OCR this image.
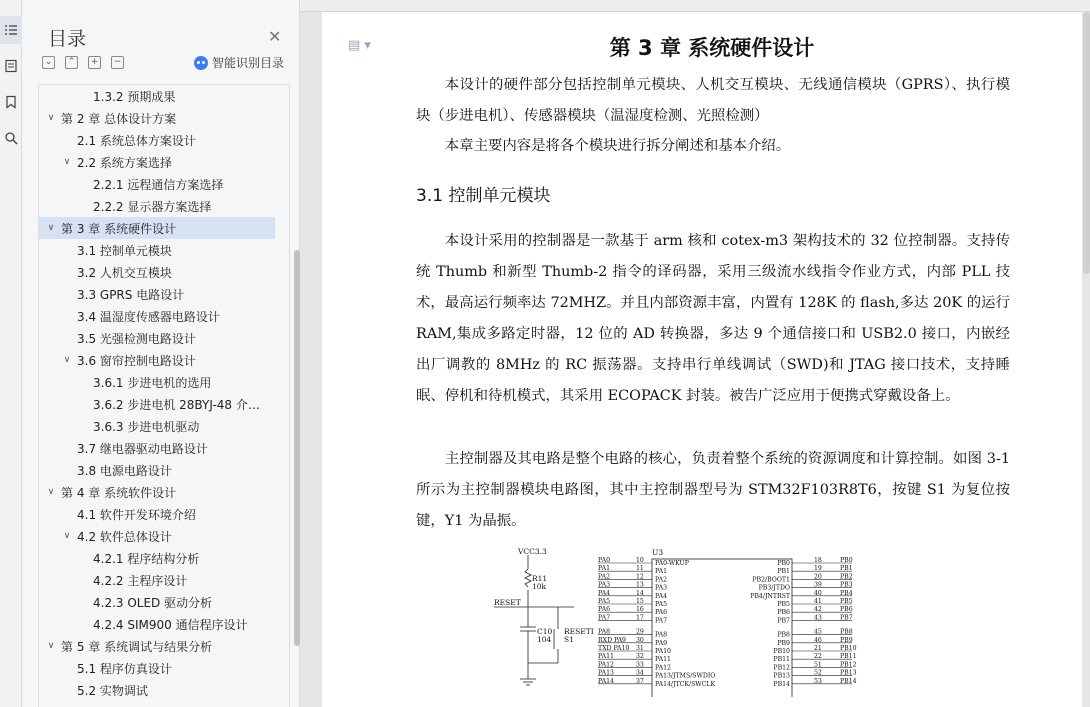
目录	✕
⌄	⌃	+	−	智能识别目录
1.3.2 预期成果
∨ 第 2 章 总体设计方案
2.1 系统总体方案设计
∨ 2.2 系统方案选择
2.2.1 远程通信方案选择
2.2.2 显示器方案选择
∨ 第 3 章 系统硬件设计
3.1 控制单元模块
3.2 人机交互模块
3.3 GPRS 电路设计
3.4 温湿度传感器电路设计
3.5 光强检测电路设计
∨ 3.6 窗帘控制电路设计
3.6.1 步进电机的选用
3.6.2 步进电机 28BYJ-48 介…
3.6.3 步进电机驱动
3.7 继电器驱动电路设计
3.8 电源电路设计
∨ 第 4 章 系统软件设计
4.1 软件开发环境介绍
∨ 4.2 软件总体设计
4.2.1 程序结构分析
4.2.2 主程序设计
4.2.3 OLED 驱动分析
4.2.4 SIM900 通信程序设计
∨ 第 5 章 系统调试与结果分析
5.1 程序仿真设计
5.2 实物调试
▤ ▾	第 3 章 系统硬件设计
本设计的硬件部分包括控制单元模块、人机交互模块、无线通信模块（GPRS）、执行模块（步进电机）、传感器模块（温湿度检测、光照检测）
本章主要内容是将各个模块进行拆分阐述和基本介绍。
3.1 控制单元模块
本设计采用的控制器是一款基于 arm 核和 cotex-m3 架构技术的 32 位控制器。支持传统 Thumb 和新型 Thumb-2 指令的译码器，采用三级流水线指令作业方式，内部 PLL 技术，最高运行频率达 72MHZ。并且内部资源丰富，内置有 128K 的 flash,多达 20K 的运行 RAM,集成多路定时器，12 位的 AD 转换器，多达 9 个通信接口和 USB2.0 接口，内嵌经出厂调教的 8MHz 的 RC 振荡器。支持串行单线调试（SWD)和 JTAG 接口技术，支持睡眠、停机和待机模式，其采用 ECOPACK 封装。被告广泛应用于便携式穿戴设备上。
主控制器及其电路是整个电路的核心，负责着整个系统的资源调度和计算控制。如图 3-1 所示为主控制器模块电路图，其中主控制器型号为 STM32F103R8T6，按键 S1 为复位按键，Y1 为晶振。
VCC3.3
R11
10k
RESET
C10
104
RESETI
S1
U3
PA0	10 PA0-WKUP	PB0	18	PB0
PA1	11 PA1	PB1	19	PB1
PA2	12 PA2	PB2/BOOT1	20	PB2
PA3	13 PA3	PB3/JTDO	39	PB3
PA4	14 PA4	PB4/JNTRST	40	PB4
PA5	15 PA5	PB5	41	PB5
PA6	16 PA6	PB6	42	PB6
PA7	17 PA7	PB7	43	PB7
PA8	29 PA8	PB8	45	PB8
RXD PA9 30 PA9	PB9	46	PB9
TXD PA10 31 PA10	PB10	21	PB10
PA11	32 PA11	PB11	22	PB11
PA12	33 PA12	PB12	51	PB12
PA13	34 PA13/JTMS/SWDIO	PB13	52	PB13
PA14	37 PA14/JTCK/SWCLK	PB14	53	PB14
